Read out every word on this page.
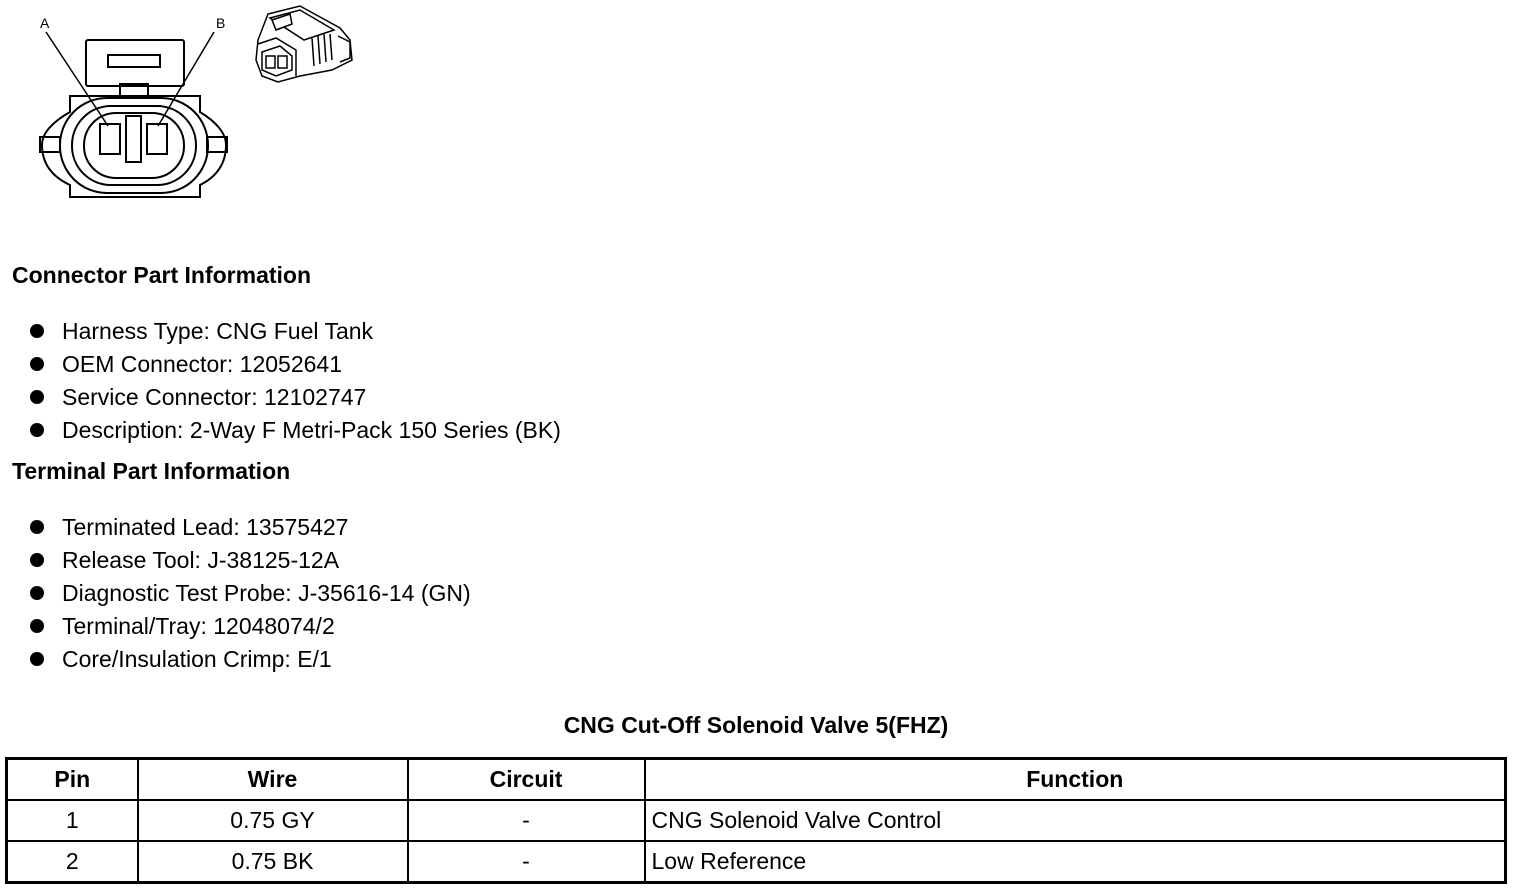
A	B
Connector Part Information
Harness Type: CNG Fuel Tank
OEM Connector: 12052641
Service Connector: 12102747
Description: 2-Way F Metri-Pack 150 Series (BK)
Terminal Part Information
Terminated Lead: 13575427
Release Tool: J-38125-12A
Diagnostic Test Probe: J-35616-14 (GN)
Terminal/Tray: 12048074/2
Core/Insulation Crimp: E/1
CNG Cut-Off Solenoid Valve 5(FHZ)
Pin	Wire	Circuit	Function
1	0.75 GY	-	CNG Solenoid Valve Control
2	0.75 BK	-	Low Reference
